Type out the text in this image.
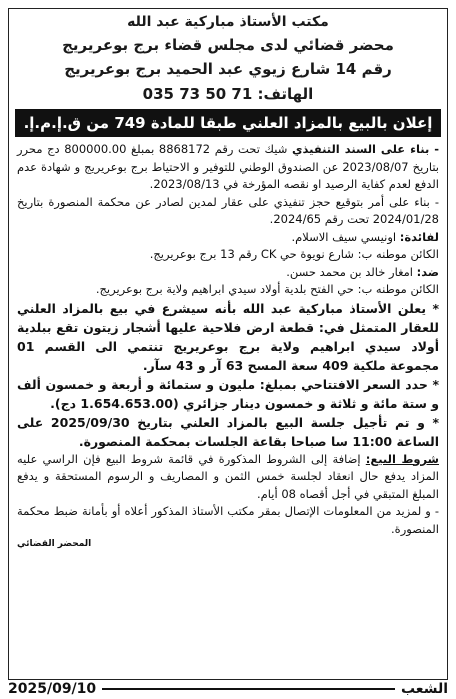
مكتب الأستاذ مباركية عبد الله
محضر قضائي لدى مجلس قضاء برج بوعريريج
رقم 14 شارع زيوي عبد الحميد برج بوعريريج
الهاتف: 71 50 73 035
إعلان بالبيع بالمزاد العلني طبقا للمادة 749 من ق.إ.م.إ.

- بناء على السند التنفيذي شيك تحت رقم 8868172 بمبلغ 800000.00 دج محرر بتاريخ 2023/08/07 عن الصندوق الوطني للتوفير و الاحتياط برج بوعريريج و شهادة عدم الدفع لعدم كفاية الرصيد او نقصه المؤرخة في 2023/08/13.

- بناء على أمر بتوقيع حجز تنفيذي على عقار لمدين لصادر عن محكمة المنصورة بتاريخ 2024/01/28 تحت رقم 2024/65.

لفائدة: اونيسي سيف الاسلام.

الكائن موطنه ب: شارع نويوة حي CK رقم 13 برج بوعريريج.

ضد: امغار خالد بن محمد حسن.

الكائن موطنه ب: حي الفتح بلدية أولاد سيدي ابراهيم ولاية برج بوعريريج.

* يعلن الأستاذ مباركية عبد الله بأنه سيشرع في بيع بالمزاد العلني للعقار المتمثل في: قطعة ارض فلاحية عليها أشجار زيتون تقع ببلدية أولاد سيدي ابراهيم ولاية برج بوعريريج تنتمي الى القسم 01 مجموعة ملكية 409 سعة المسح 63 آر و 43 سآر.

* حدد السعر الافتتاحي بمبلغ: مليون و ستمائة و أربعة و خمسون ألف و ستة مائة و ثلاثة و خمسون دينار جزائري (1.654.653.00 دج).

* و تم تأجيل جلسة البيع بالمزاد العلني بتاريخ 2025/09/30 على الساعة 11:00 سا صباحا بقاعة الجلسات بمحكمة المنصورة.

شروط البيع: إضافة إلى الشروط المذكورة في قائمة شروط البيع فإن الراسي عليه المزاد يدفع حال انعقاد لجلسة خمس الثمن و المصاريف و الرسوم المستحقة و يدفع المبلغ المتبقي في أجل أقصاه 08 أيام.

- و لمزيد من المعلومات الإتصال بمقر مكتب الأستاذ المذكور أعلاه أو بأمانة ضبط محكمة المنصورة.

المحضر القضائي
الشعب
2025/09/10
